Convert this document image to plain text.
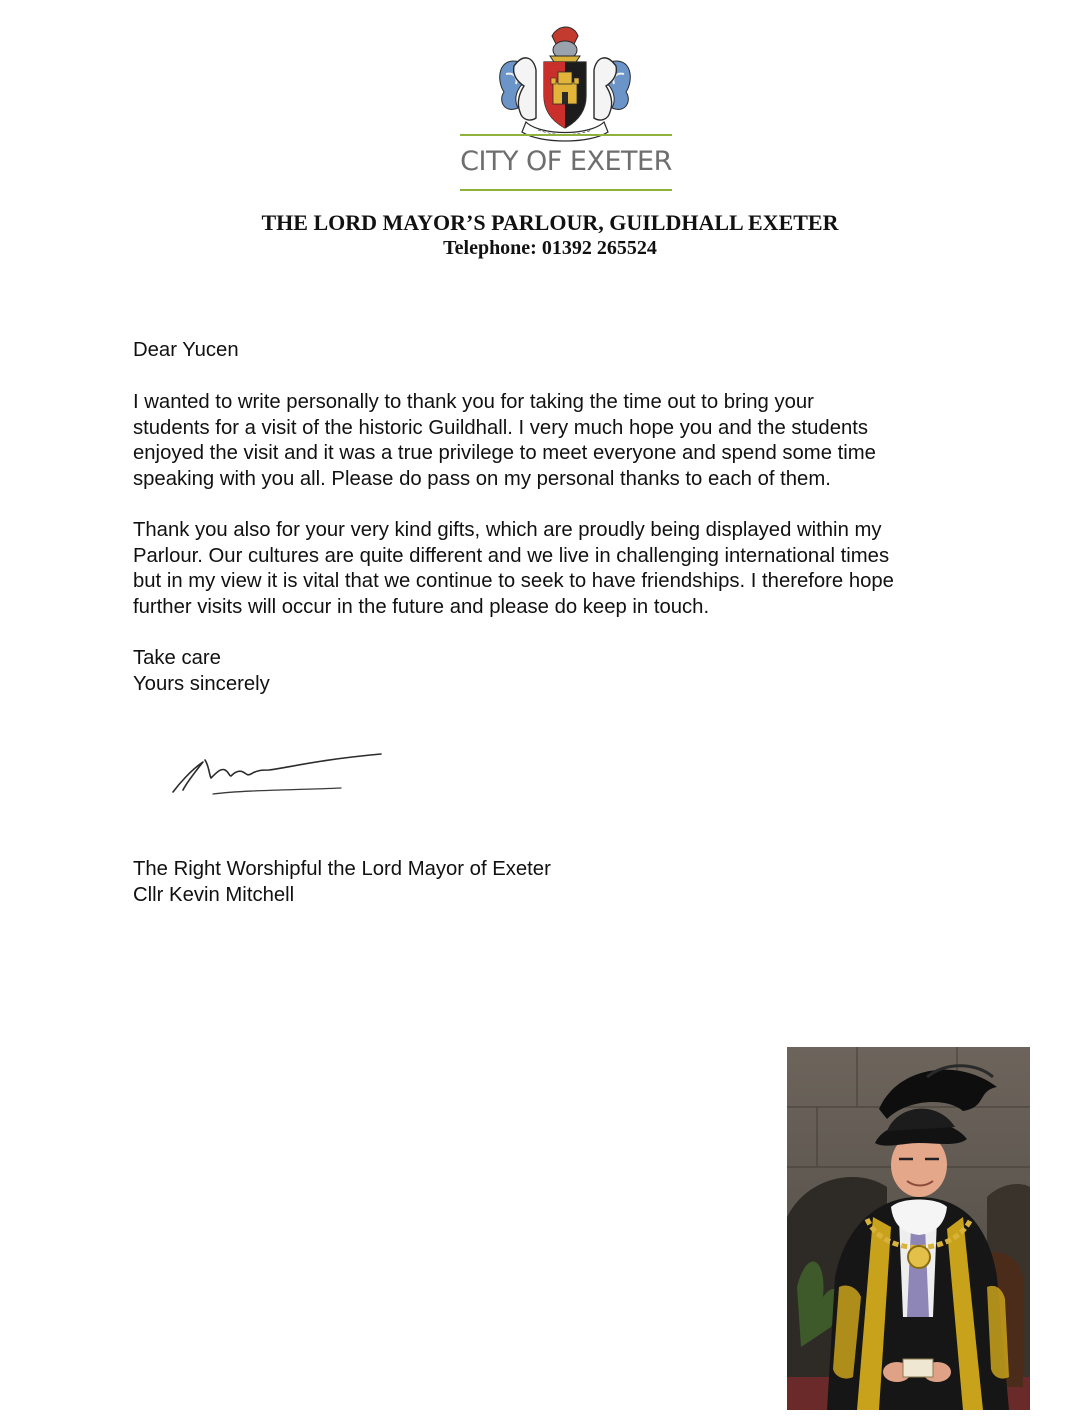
CITY OF EXETER
THE LORD MAYOR’S PARLOUR, GUILDHALL EXETER
Telephone: 01392 265524

Dear Yucen

I wanted to write personally to thank you for taking the time out to bring your
students for a visit of the historic Guildhall. I very much hope you and the students
enjoyed the visit and it was a true privilege to meet everyone and spend some time
speaking with you all. Please do pass on my personal thanks to each of them.

Thank you also for your very kind gifts, which are proudly being displayed within my
Parlour. Our cultures are quite different and we live in challenging international times
but in my view it is vital that we continue to seek to have friendships. I therefore hope
further visits will occur in the future and please do keep in touch.

Take care
Yours sincerely

The Right Worshipful the Lord Mayor of Exeter
Cllr Kevin Mitchell
